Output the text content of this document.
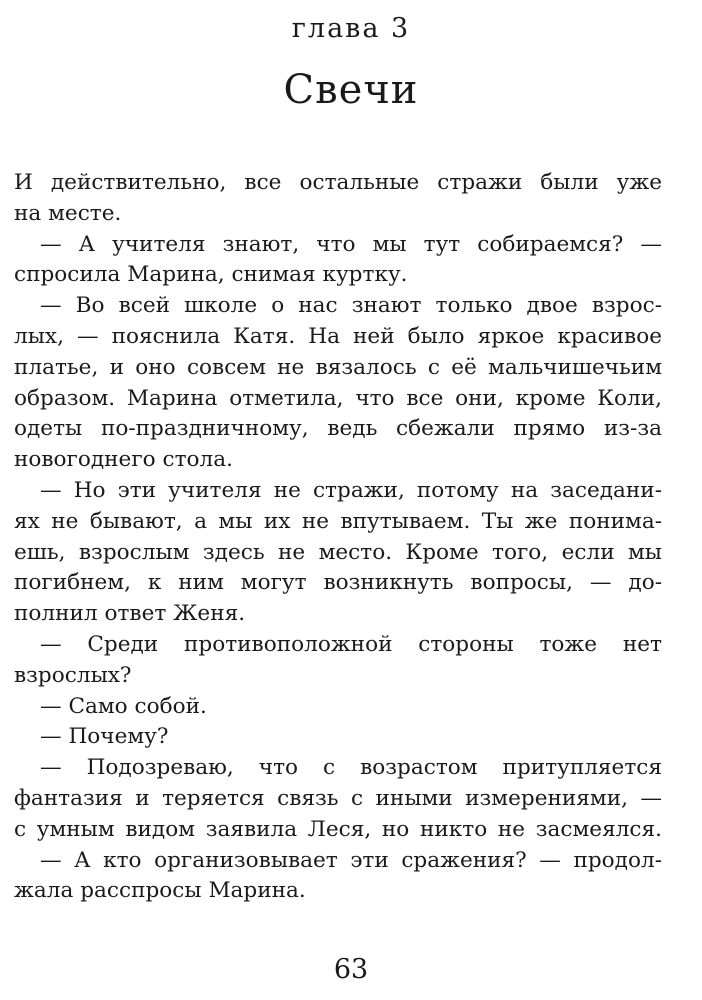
глава 3
Свечи
И действительно, все остальные стражи были уже
на месте.
— А учителя знают, что мы тут собираемся? —
спросила Марина, снимая куртку.
— Во всей школе о нас знают только двое взрос-
лых, — пояснила Катя. На ней было яркое красивое
платье, и оно совсем не вязалось с её мальчишечьим
образом. Марина отметила, что все они, кроме Коли,
одеты по-праздничному, ведь сбежали прямо из-за
новогоднего стола.
— Но эти учителя не стражи, потому на заседани-
ях не бывают, а мы их не впутываем. Ты же понима-
ешь, взрослым здесь не место. Кроме того, если мы
погибнем, к ним могут возникнуть вопросы, — до-
полнил ответ Женя.
— Среди противоположной стороны тоже нет
взрослых?
— Само собой.
— Почему?
— Подозреваю, что с возрастом притупляется
фантазия и теряется связь с иными измерениями, —
с умным видом заявила Леся, но никто не засмеялся.
— А кто организовывает эти сражения? — продол-
жала расспросы Марина.
63
